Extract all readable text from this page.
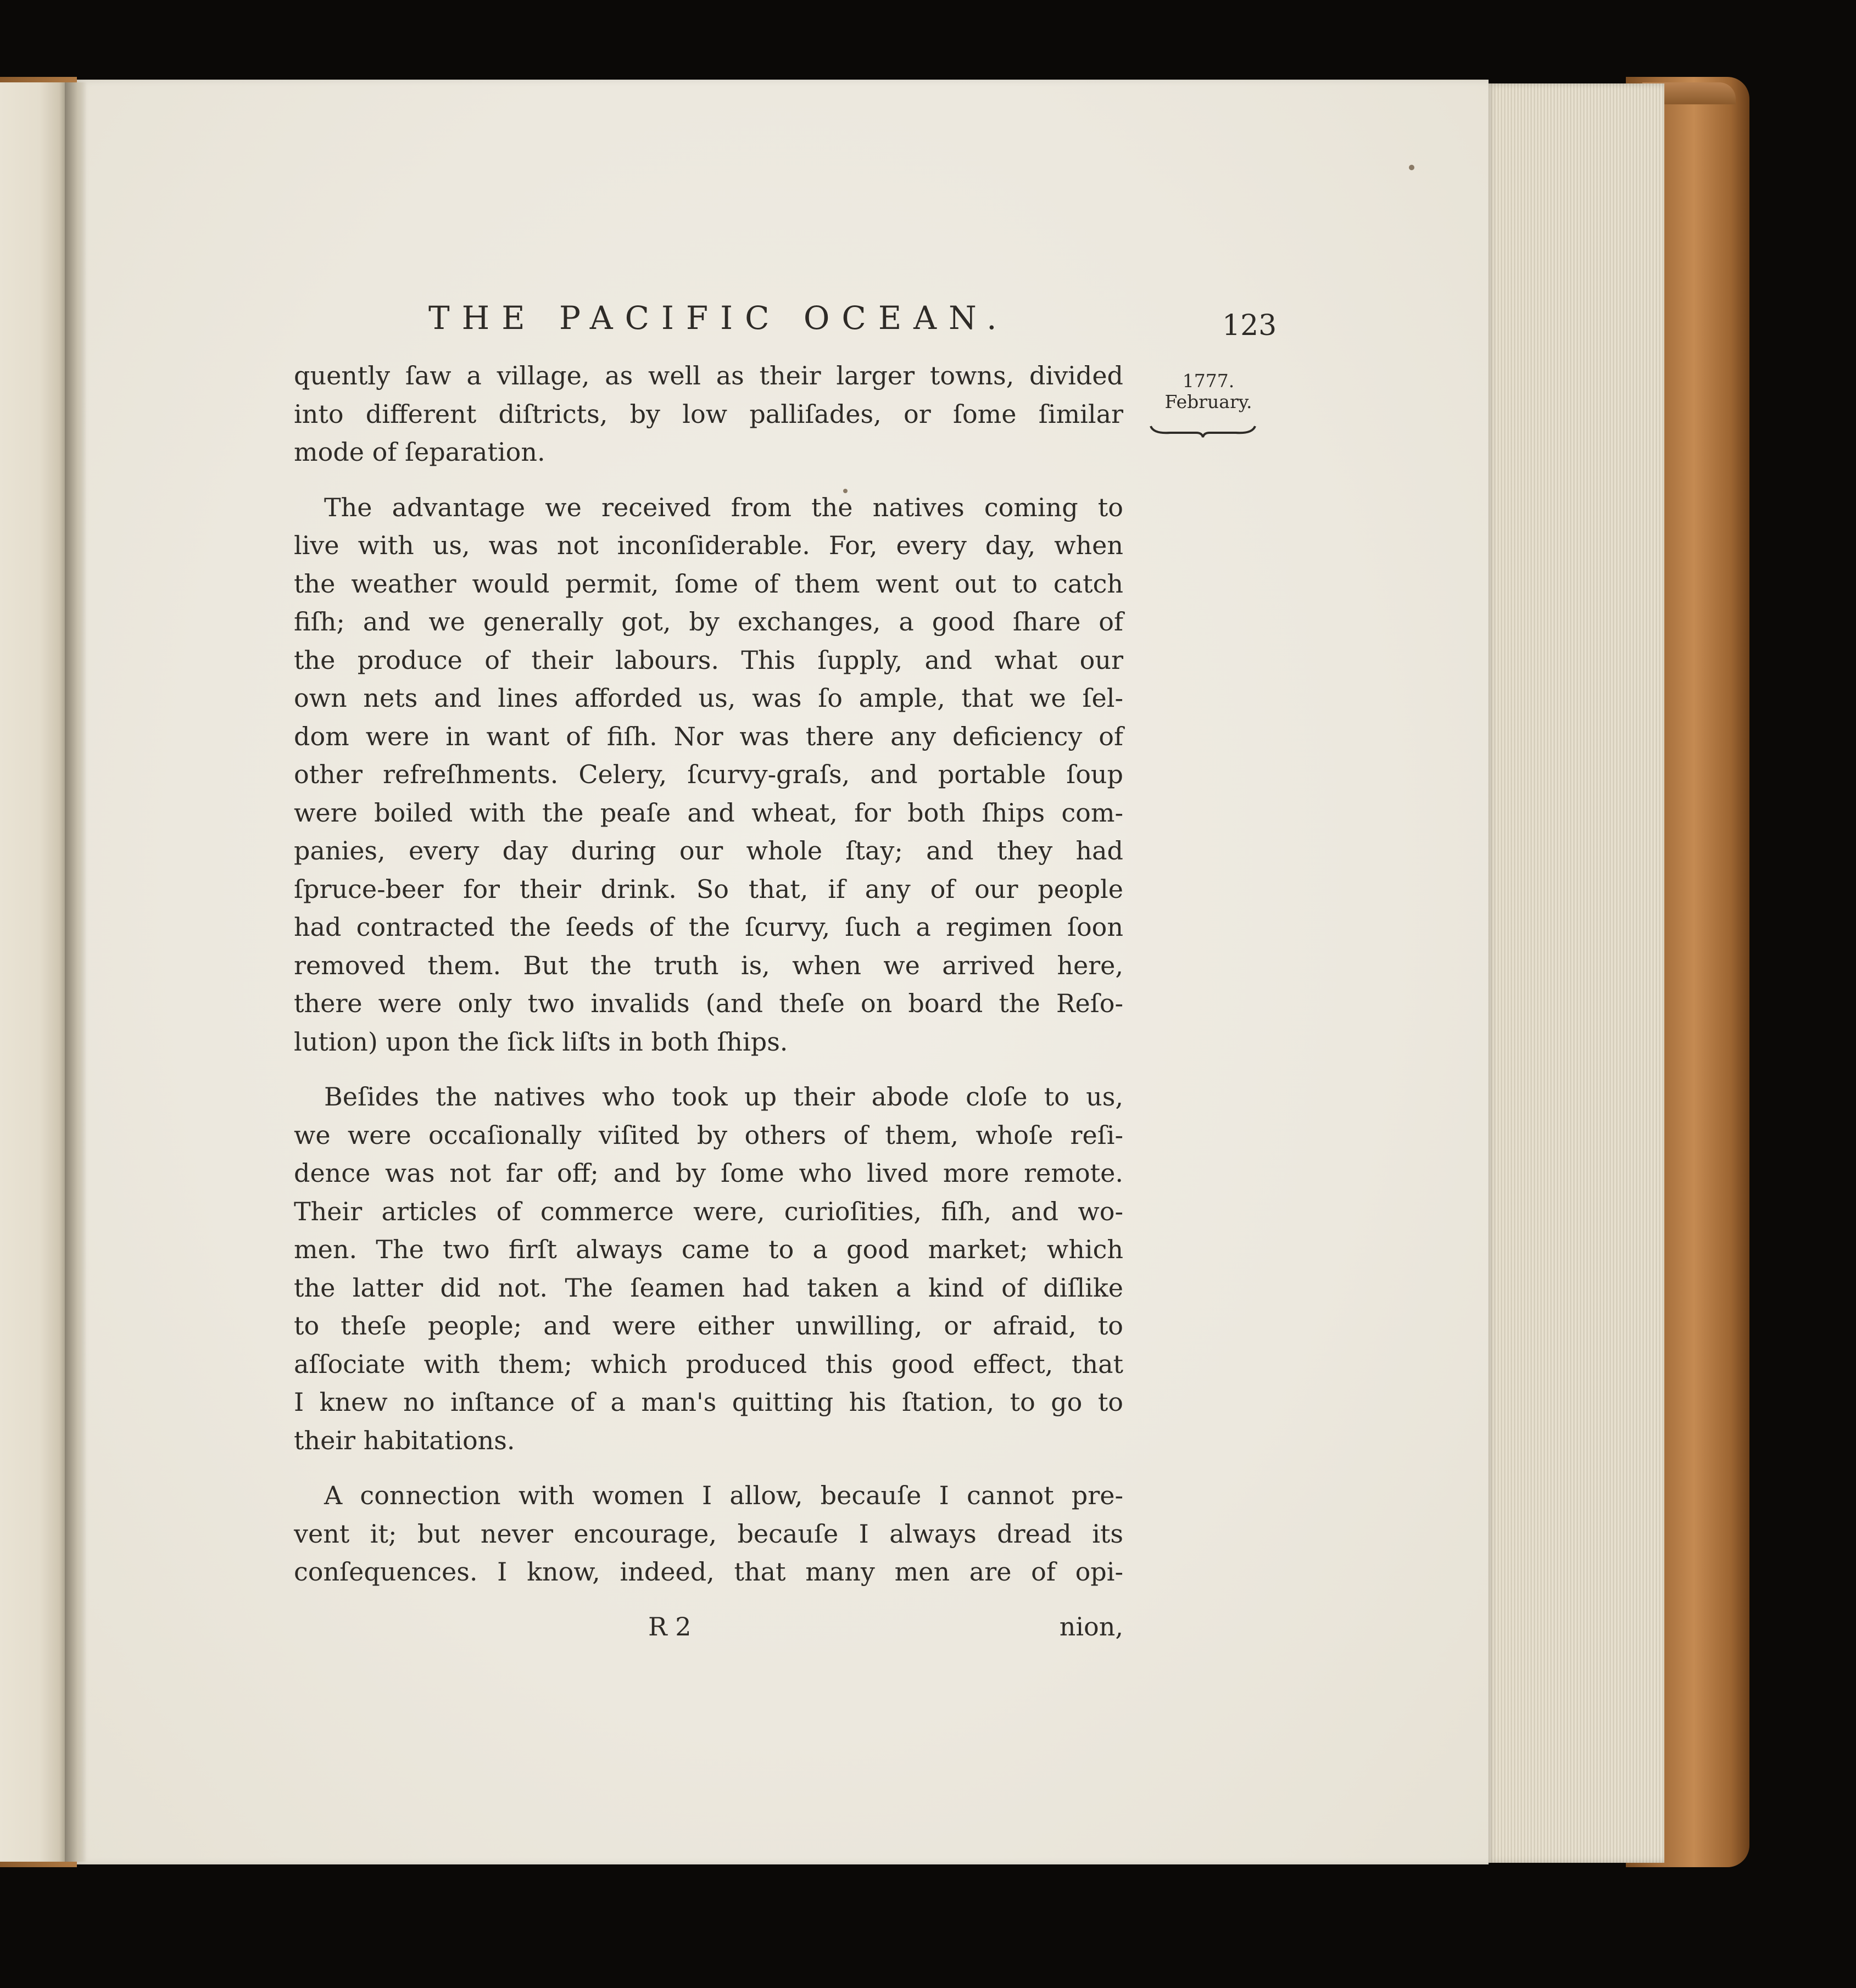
THE PACIFIC OCEAN.	123
1777.
February.
quently ſaw a village, as well as their larger towns, divided
into different diſtricts, by low palliſades, or ſome ſimilar
mode of ſeparation.
The advantage we received from the natives coming to
live with us, was not inconſiderable. For, every day, when
the weather would permit, ſome of them went out to catch
fiſh; and we generally got, by exchanges, a good ſhare of
the produce of their labours. This ſupply, and what our
own nets and lines afforded us, was ſo ample, that we ſel-
dom were in want of fiſh. Nor was there any deficiency of
other refreſhments. Celery, ſcurvy-graſs, and portable ſoup
were boiled with the peaſe and wheat, for both ſhips com-
panies, every day during our whole ſtay; and they had
ſpruce-beer for their drink. So that, if any of our people
had contracted the ſeeds of the ſcurvy, ſuch a regimen ſoon
removed them. But the truth is, when we arrived here,
there were only two invalids (and theſe on board the Reſo-
lution) upon the ſick liſts in both ſhips.
Beſides the natives who took up their abode cloſe to us,
we were occaſionally viſited by others of them, whoſe reſi-
dence was not far off; and by ſome who lived more remote.
Their articles of commerce were, curioſities, fiſh, and wo-
men. The two firſt always came to a good market; which
the latter did not. The ſeamen had taken a kind of diſlike
to theſe people; and were either unwilling, or afraid, to
aſſociate with them; which produced this good effect, that
I knew no inſtance of a man's quitting his ſtation, to go to
their habitations.
A connection with women I allow, becauſe I cannot pre-
vent it; but never encourage, becauſe I always dread its
conſequences. I know, indeed, that many men are of opi-
R 2	nion,
